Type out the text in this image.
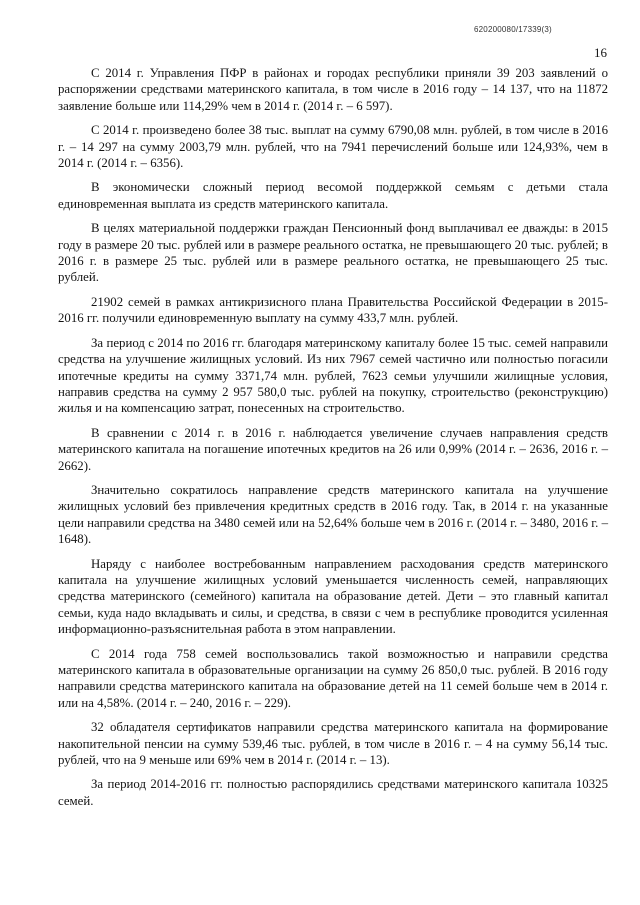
620200080/17339(3)
16

С 2014 г. Управления ПФР в районах и городах республики приняли 39 203 заявлений о распоряжении средствами материнского капитала, в том числе в 2016 году – 14 137, что на 11872 заявление больше или 114,29% чем в 2014 г. (2014 г. – 6 597).

С 2014 г. произведено более 38 тыс. выплат на сумму 6790,08 млн. рублей, в том числе в 2016 г. – 14 297 на сумму 2003,79 млн. рублей, что на 7941 перечислений больше или 124,93%, чем в 2014 г. (2014 г. – 6356).

В экономически сложный период весомой поддержкой семьям с детьми стала единовременная выплата из средств материнского капитала.

В целях материальной поддержки граждан Пенсионный фонд выплачивал ее дважды: в 2015 году в размере 20 тыс. рублей или в размере реального остатка, не превышающего 20 тыс. рублей; в 2016 г. в размере 25 тыс. рублей или в размере реального остатка, не превышающего 25 тыс. рублей.

21902 семей в рамках антикризисного плана Правительства Российской Федерации в 2015-2016 гг. получили единовременную выплату на сумму 433,7 млн. рублей.

За период с 2014 по 2016 гг. благодаря материнскому капиталу более 15 тыс. семей направили средства на улучшение жилищных условий. Из них 7967 семей частично или полностью погасили ипотечные кредиты на сумму 3371,74 млн. рублей, 7623 семьи улучшили жилищные условия, направив средства на сумму 2 957 580,0 тыс. рублей на покупку, строительство (реконструкцию) жилья и на компенсацию затрат, понесенных на строительство.

В сравнении с 2014 г. в 2016 г. наблюдается увеличение случаев направления средств материнского капитала на погашение ипотечных кредитов на 26 или 0,99% (2014 г. – 2636, 2016 г. – 2662).

Значительно сократилось направление средств материнского капитала на улучшение жилищных условий без привлечения кредитных средств в 2016 году. Так, в 2014 г. на указанные цели направили средства на 3480 семей или на 52,64% больше чем в 2016 г. (2014 г. – 3480, 2016 г. – 1648).

Наряду с наиболее востребованным направлением расходования средств материнского капитала на улучшение жилищных условий уменьшается численность семей, направляющих средства материнского (семейного) капитала на образование детей. Дети – это главный капитал семьи, куда надо вкладывать и силы, и средства, в связи с чем в республике проводится усиленная информационно-разъяснительная работа в этом направлении.

С 2014 года 758 семей воспользовались такой возможностью и направили средства материнского капитала в образовательные организации на сумму 26 850,0 тыс. рублей. В 2016 году направили средства материнского капитала на образование детей на 11 семей больше чем в 2014 г. или на 4,58%. (2014 г. – 240, 2016 г. – 229).

32 обладателя сертификатов направили средства материнского капитала на формирование накопительной пенсии на сумму 539,46 тыс. рублей, в том числе в 2016 г. – 4 на сумму 56,14 тыс. рублей, что на 9 меньше или 69% чем в 2014 г. (2014 г. – 13).

За период 2014-2016 гг. полностью распорядились средствами материнского капитала 10325 семей.
